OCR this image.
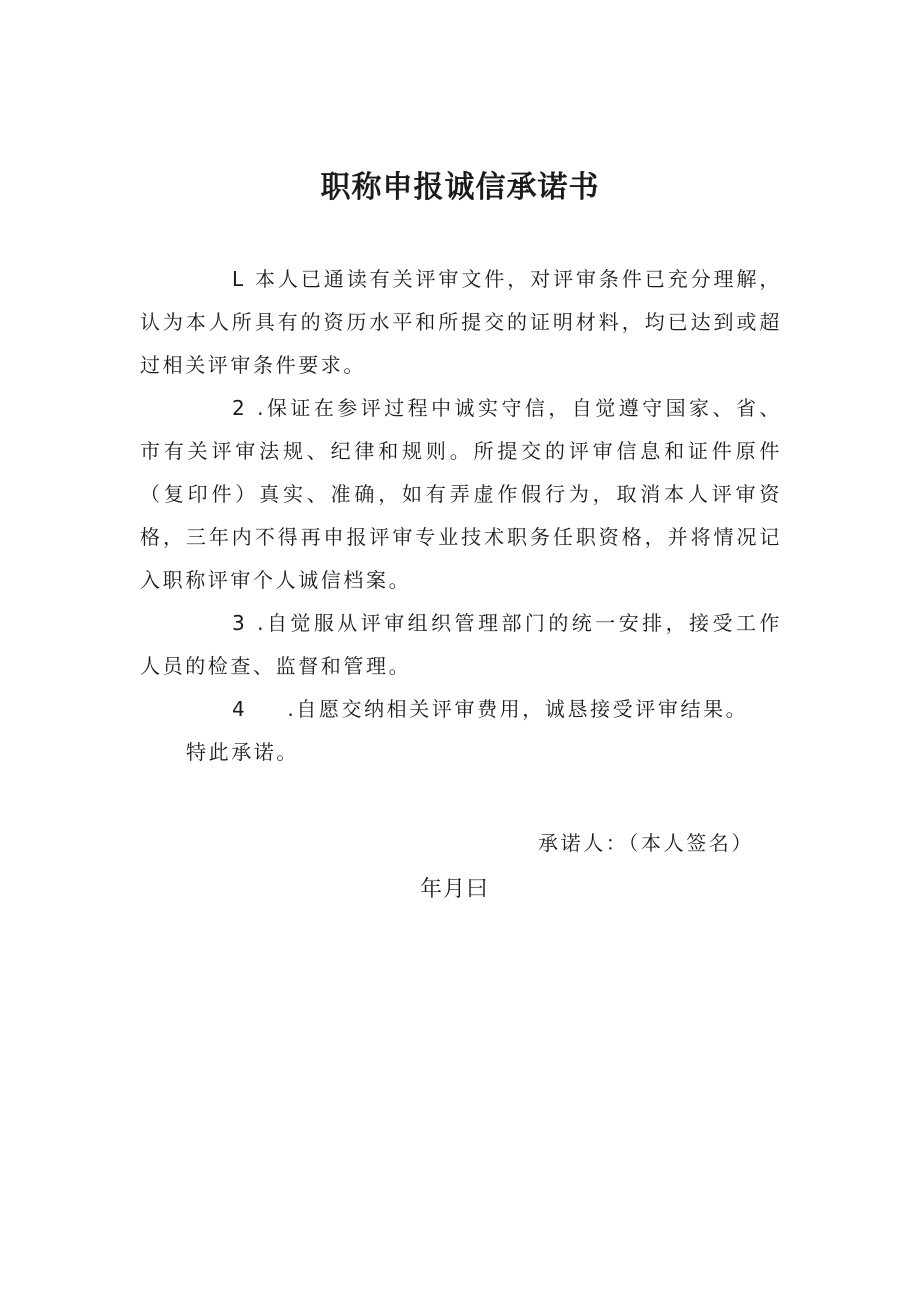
职称申报诚信承诺书

L 本人已通读有关评审文件，对评审条件已充分理解，认为本人所具有的资历水平和所提交的证明材料，均已达到或超过相关评审条件要求。

2 .保证在参评过程中诚实守信，自觉遵守国家、省、市有关评审法规、纪律和规则。所提交的评审信息和证件原件（复印件）真实、准确，如有弄虚作假行为，取消本人评审资格，三年内不得再申报评审专业技术职务任职资格，并将情况记入职称评审个人诚信档案。

3 .自觉服从评审组织管理部门的统一安排，接受工作人员的检查、监督和管理。

4 .自愿交纳相关评审费用，诚恳接受评审结果。

特此承诺。

承诺人：（本人签名）
年月曰
